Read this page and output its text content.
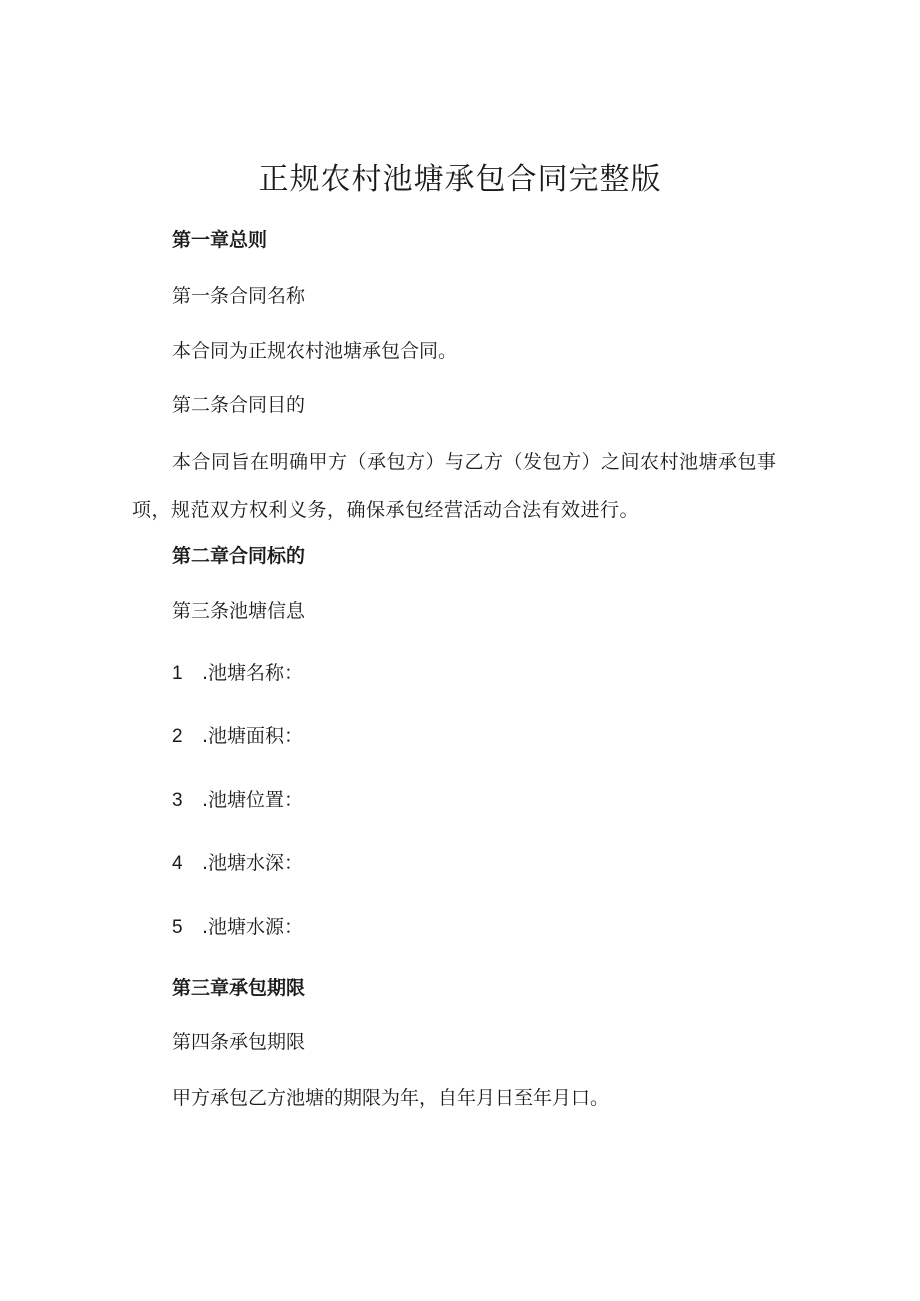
正规农村池塘承包合同完整版

第一章总则

第一条合同名称

本合同为正规农村池塘承包合同。

第二条合同目的

本合同旨在明确甲方（承包方）与乙方（发包方）之间农村池塘承包事项，规范双方权利义务，确保承包经营活动合法有效进行。

第二章合同标的

第三条池塘信息

1 .池塘名称：

2 .池塘面积：

3 .池塘位置：

4 .池塘水深：

5 .池塘水源：

第三章承包期限

第四条承包期限

甲方承包乙方池塘的期限为年，自年月日至年月口。
